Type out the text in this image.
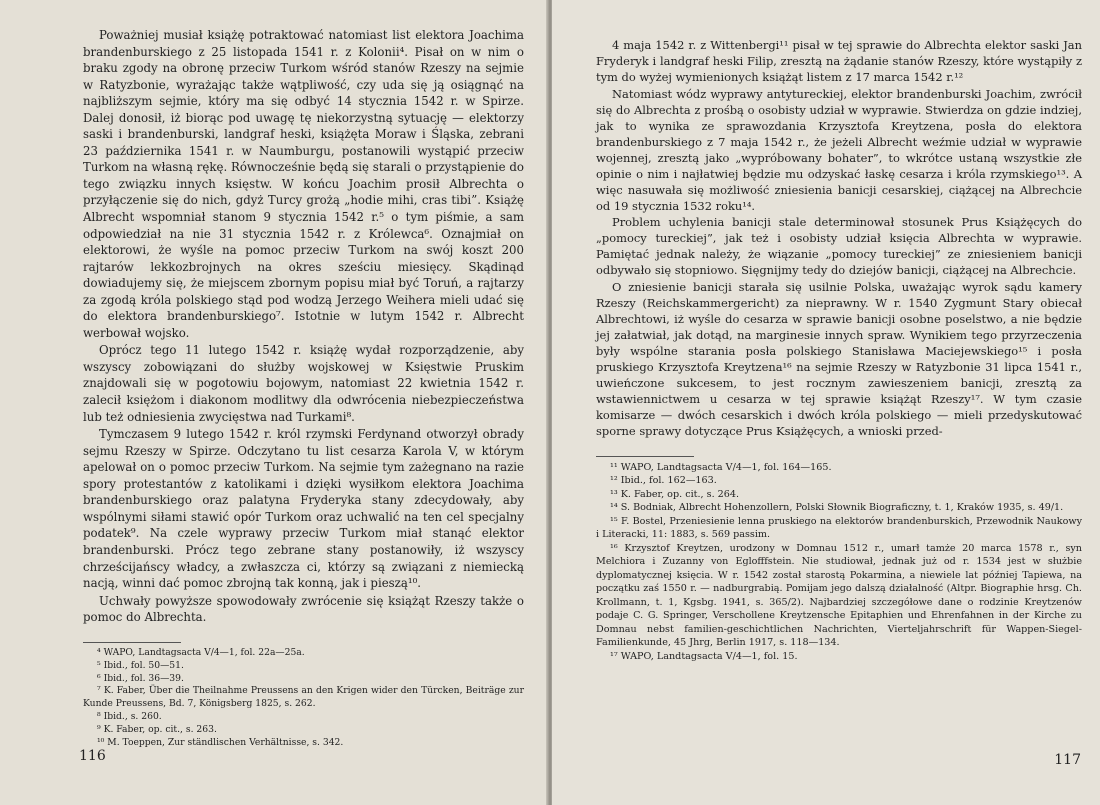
Poważniej musiał książę potraktować natomiast list elektora Joachima brandenburskiego z 25 listopada 1541 r. z Kolonii⁴. Pisał on w nim o braku zgody na obronę przeciw Turkom wśród stanów Rzeszy na sejmie w Ratyzbonie, wyrażając także wątpliwość, czy uda się ją osiągnąć na najbliższym sejmie, który ma się odbyć 14 stycznia 1542 r. w Spirze. Dalej donosił, iż biorąc pod uwagę tę niekorzystną sytuację — elektorzy saski i brandenburski, landgraf heski, książęta Moraw i Śląska, zebrani 23 października 1541 r. w Naumburgu, postanowili wystąpić przeciw Turkom na własną rękę. Równocześnie będą się starali o przystąpienie do tego związku innych księstw. W końcu Joachim prosił Albrechta o przyłączenie się do nich, gdyż Turcy grożą „hodie mihi, cras tibi”. Książę Albrecht wspomniał stanom 9 stycznia 1542 r.⁵ o tym piśmie, a sam odpowiedział na nie 31 stycznia 1542 r. z Królewca⁶. Oznajmiał on elektorowi, że wyśle na pomoc przeciw Turkom na swój koszt 200 rajtarów lekkozbrojnych na okres sześciu miesięcy. Skądinąd dowiadujemy się, że miejscem zbornym popisu miał być Toruń, a rajtarzy za zgodą króla polskiego stąd pod wodzą Jerzego Weihera mieli udać się do elektora brandenburskiego⁷. Istotnie w lutym 1542 r. Albrecht werbował wojsko.

Oprócz tego 11 lutego 1542 r. książę wydał rozporządzenie, aby wszyscy zobowiązani do służby wojskowej w Księstwie Pruskim znajdowali się w pogotowiu bojowym, natomiast 22 kwietnia 1542 r. zalecił księżom i diakonom modlitwy dla odwrócenia niebezpieczeństwa lub też odniesienia zwycięstwa nad Turkami⁸.

Tymczasem 9 lutego 1542 r. król rzymski Ferdynand otworzył obrady sejmu Rzeszy w Spirze. Odczytano tu list cesarza Karola V, w którym apelował on o pomoc przeciw Turkom. Na sejmie tym zażegnano na razie spory protestantów z katolikami i dzięki wysiłkom elektora Joachima brandenburskiego oraz palatyna Fryderyka stany zdecydowały, aby wspólnymi siłami stawić opór Turkom oraz uchwalić na ten cel specjalny podatek⁹. Na czele wyprawy przeciw Turkom miał stanąć elektor brandenburski. Prócz tego zebrane stany postanowiły, iż wszyscy chrześcijańscy władcy, a zwłaszcza ci, którzy są związani z niemiecką nacją, winni dać pomoc zbrojną tak konną, jak i pieszą¹⁰.

Uchwały powyższe spowodowały zwrócenie się książąt Rzeszy także o pomoc do Albrechta.

⁴ WAPO, Landtagsacta V/4—1, fol. 22a—25a.
⁵ Ibid., fol. 50—51.
⁶ Ibid., fol. 36—39.
⁷ K. Faber, Über die Theilnahme Preussens an den Krigen wider den Türcken, Beiträge zur Kunde Preussens, Bd. 7, Königsberg 1825, s. 262.
⁸ Ibid., s. 260.
⁹ K. Faber, op. cit., s. 263.
¹⁰ M. Toeppen, Zur ständlischen Verhältnisse, s. 342.
116

4 maja 1542 r. z Wittenbergi¹¹ pisał w tej sprawie do Albrechta elektor saski Jan Fryderyk i landgraf heski Filip, zresztą na żądanie stanów Rzeszy, które wystąpiły z tym do wyżej wymienionych książąt listem z 17 marca 1542 r.¹²

Natomiast wódz wyprawy antytureckiej, elektor brandenburski Joachim, zwrócił się do Albrechta z prośbą o osobisty udział w wyprawie. Stwierdza on gdzie indziej, jak to wynika ze sprawozdania Krzysztofa Kreytzena, posła do elektora brandenburskiego z 7 maja 1542 r., że jeżeli Albrecht weźmie udział w wyprawie wojennej, zresztą jako „wypróbowany bohater”, to wkrótce ustaną wszystkie złe opinie o nim i najłatwiej będzie mu odzyskać łaskę cesarza i króla rzymskiego¹³. A więc nasuwała się możliwość zniesienia banicji cesarskiej, ciążącej na Albrechcie od 19 stycznia 1532 roku¹⁴.

Problem uchylenia banicji stale determinował stosunek Prus Książęcych do „pomocy tureckiej”, jak też i osobisty udział księcia Albrechta w wyprawie. Pamiętać jednak należy, że wiązanie „pomocy tureckiej” ze zniesieniem banicji odbywało się stopniowo. Sięgnijmy tedy do dziejów banicji, ciążącej na Albrechcie.

O zniesienie banicji starała się usilnie Polska, uważając wyrok sądu kamery Rzeszy (Reichskammergericht) za nieprawny. W r. 1540 Zygmunt Stary obiecał Albrechtowi, iż wyśle do cesarza w sprawie banicji osobne poselstwo, a nie będzie jej załatwiał, jak dotąd, na marginesie innych spraw. Wynikiem tego przyrzeczenia były wspólne starania posła polskiego Stanisława Maciejewskiego¹⁵ i posła pruskiego Krzysztofa Kreytzena¹⁶ na sejmie Rzeszy w Ratyzbonie 31 lipca 1541 r., uwieńczone sukcesem, to jest rocznym zawieszeniem banicji, zresztą za wstawiennictwem u cesarza w tej sprawie książąt Rzeszy¹⁷. W tym czasie komisarze — dwóch cesarskich i dwóch króla polskiego — mieli przedyskutować sporne sprawy dotyczące Prus Książęcych, a wnioski przed-

¹¹ WAPO, Landtagsacta V/4—1, fol. 164—165.
¹² Ibid., fol. 162—163.
¹³ K. Faber, op. cit., s. 264.
¹⁴ S. Bodniak, Albrecht Hohenzollern, Polski Słownik Biograficzny, t. 1, Kraków 1935, s. 49/1.
¹⁵ F. Bostel, Przeniesienie lenna pruskiego na elektorów brandenburskich, Przewodnik Naukowy i Literacki, 11: 1883, s. 569 passim.
¹⁶ Krzysztof Kreytzen, urodzony w Domnau 1512 r., umarł tamże 20 marca 1578 r., syn Melchiora i Zuzanny von Eglofffstein. Nie studiował, jednak już od r. 1534 jest w służbie dyplomatycznej księcia. W r. 1542 został starostą Pokarmina, a niewiele lat później Tapiewa, na początku zaś 1550 r. — nadburgrabią. Pomijam jego dalszą działalność (Altpr. Biographie hrsg. Ch. Krollmann, t. 1, Kgsbg. 1941, s. 365/2). Najbardziej szczegółowe dane o rodzinie Kreytzenów podaje C. G. Springer, Verschollene Kreytzensche Epitaphien und Ehrenfahnen in der Kirche zu Domnau nebst familien-geschichtlichen Nachrichten, Vierteljahrschrift für Wappen-Siegel-Familienkunde, 45 Jhrg, Berlin 1917, s. 118—134.
¹⁷ WAPO, Landtagsacta V/4—1, fol. 15.
117
